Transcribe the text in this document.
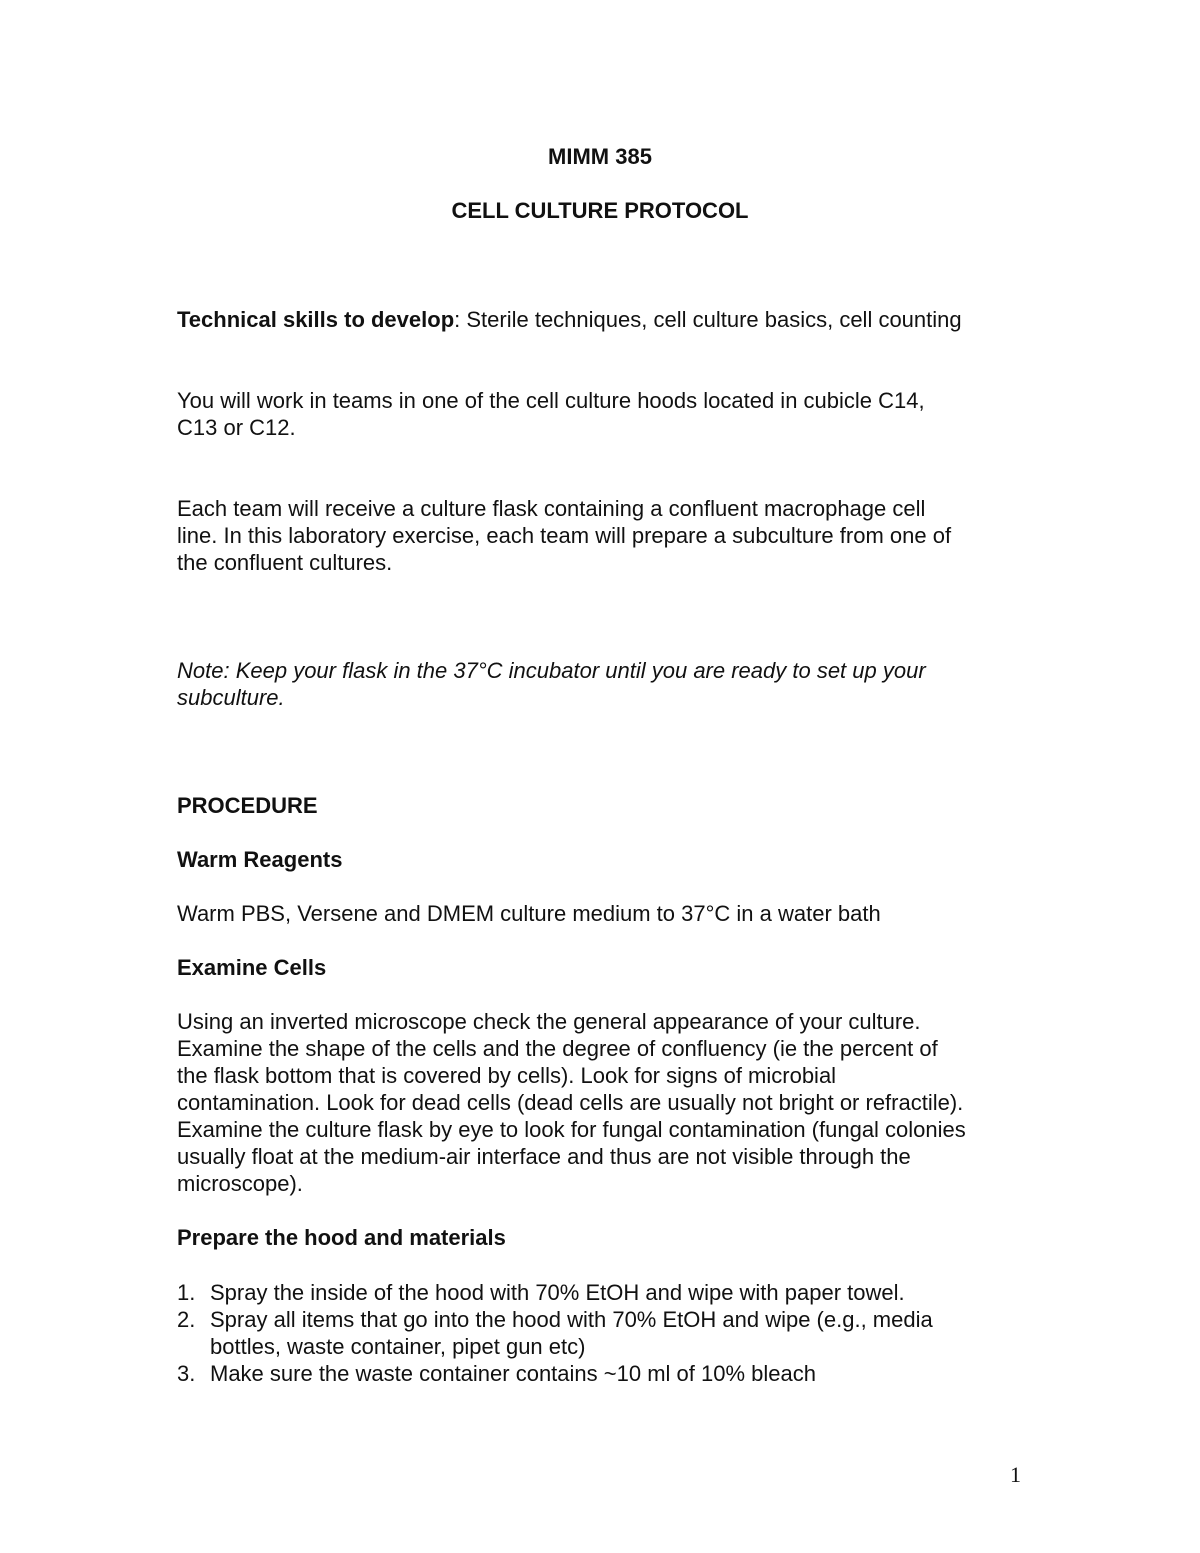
MIMM 385

CELL CULTURE PROTOCOL

Technical skills to develop: Sterile techniques, cell culture basics, cell counting

You will work in teams in one of the cell culture hoods located in cubicle C14,
C13 or C12.
Each team will receive a culture flask containing a confluent macrophage cell
line. In this laboratory exercise, each team will prepare a subculture from one of
the confluent cultures.
Note: Keep your flask in the 37°C incubator until you are ready to set up your
subculture.

PROCEDURE

Warm Reagents

Warm PBS, Versene and DMEM culture medium to 37°C in a water bath

Examine Cells

Using an inverted microscope check the general appearance of your culture.
Examine the shape of the cells and the degree of confluency (ie the percent of
the flask bottom that is covered by cells). Look for signs of microbial
contamination. Look for dead cells (dead cells are usually not bright or refractile).
Examine the culture flask by eye to look for fungal contamination (fungal colonies
usually float at the medium-air interface and thus are not visible through the
microscope).

Prepare the hood and materials

1. Spray the inside of the hood with 70% EtOH and wipe with paper towel.
2. Spray all items that go into the hood with 70% EtOH and wipe (e.g., media
bottles, waste container, pipet gun etc)
3. Make sure the waste container contains ~10 ml of 10% bleach
1
